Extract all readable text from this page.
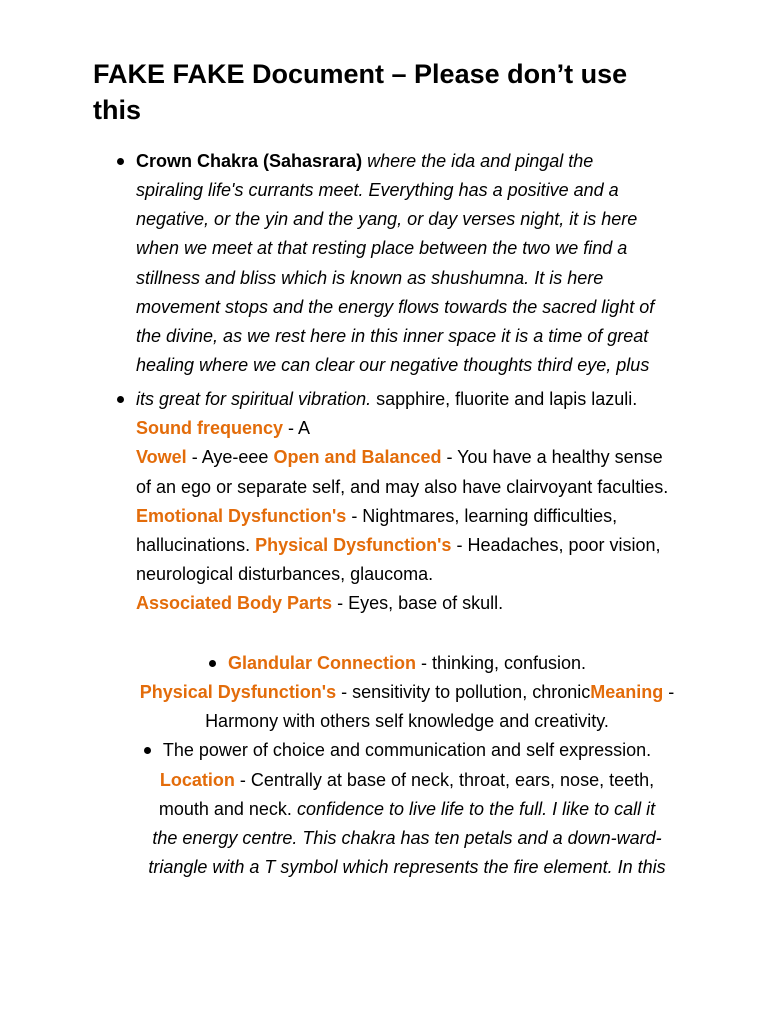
FAKE FAKE Document – Please don’t use this
Crown Chakra (Sahasrara) where the ida and pingal the
spiraling life's currants meet. Everything has a positive and a
negative, or the yin and the yang, or day verses night, it is here
when we meet at that resting place between the two we find a
stillness and bliss which is known as shushumna. It is here
movement stops and the energy flows towards the sacred light of
the divine, as we rest here in this inner space it is a time of great
healing where we can clear our negative thoughts third eye, plus
its great for spiritual vibration. sapphire, fluorite and lapis lazuli.
Sound frequency - A
Vowel - Aye-eee Open and Balanced - You have a healthy sense
of an ego or separate self, and may also have clairvoyant faculties.
Emotional Dysfunction's - Nightmares, learning difficulties,
hallucinations. Physical Dysfunction's - Headaches, poor vision,
neurological disturbances, glaucoma.
Associated Body Parts - Eyes, base of skull.
Glandular Connection - thinking, confusion.
Physical Dysfunction's - sensitivity to pollution, chronicMeaning -
Harmony with others self knowledge and creativity.
The power of choice and communication and self expression.
Location - Centrally at base of neck, throat, ears, nose, teeth,
mouth and neck. confidence to live life to the full. I like to call it
the energy centre. This chakra has ten petals and a down-ward-
triangle with a T symbol which represents the fire element. In this
